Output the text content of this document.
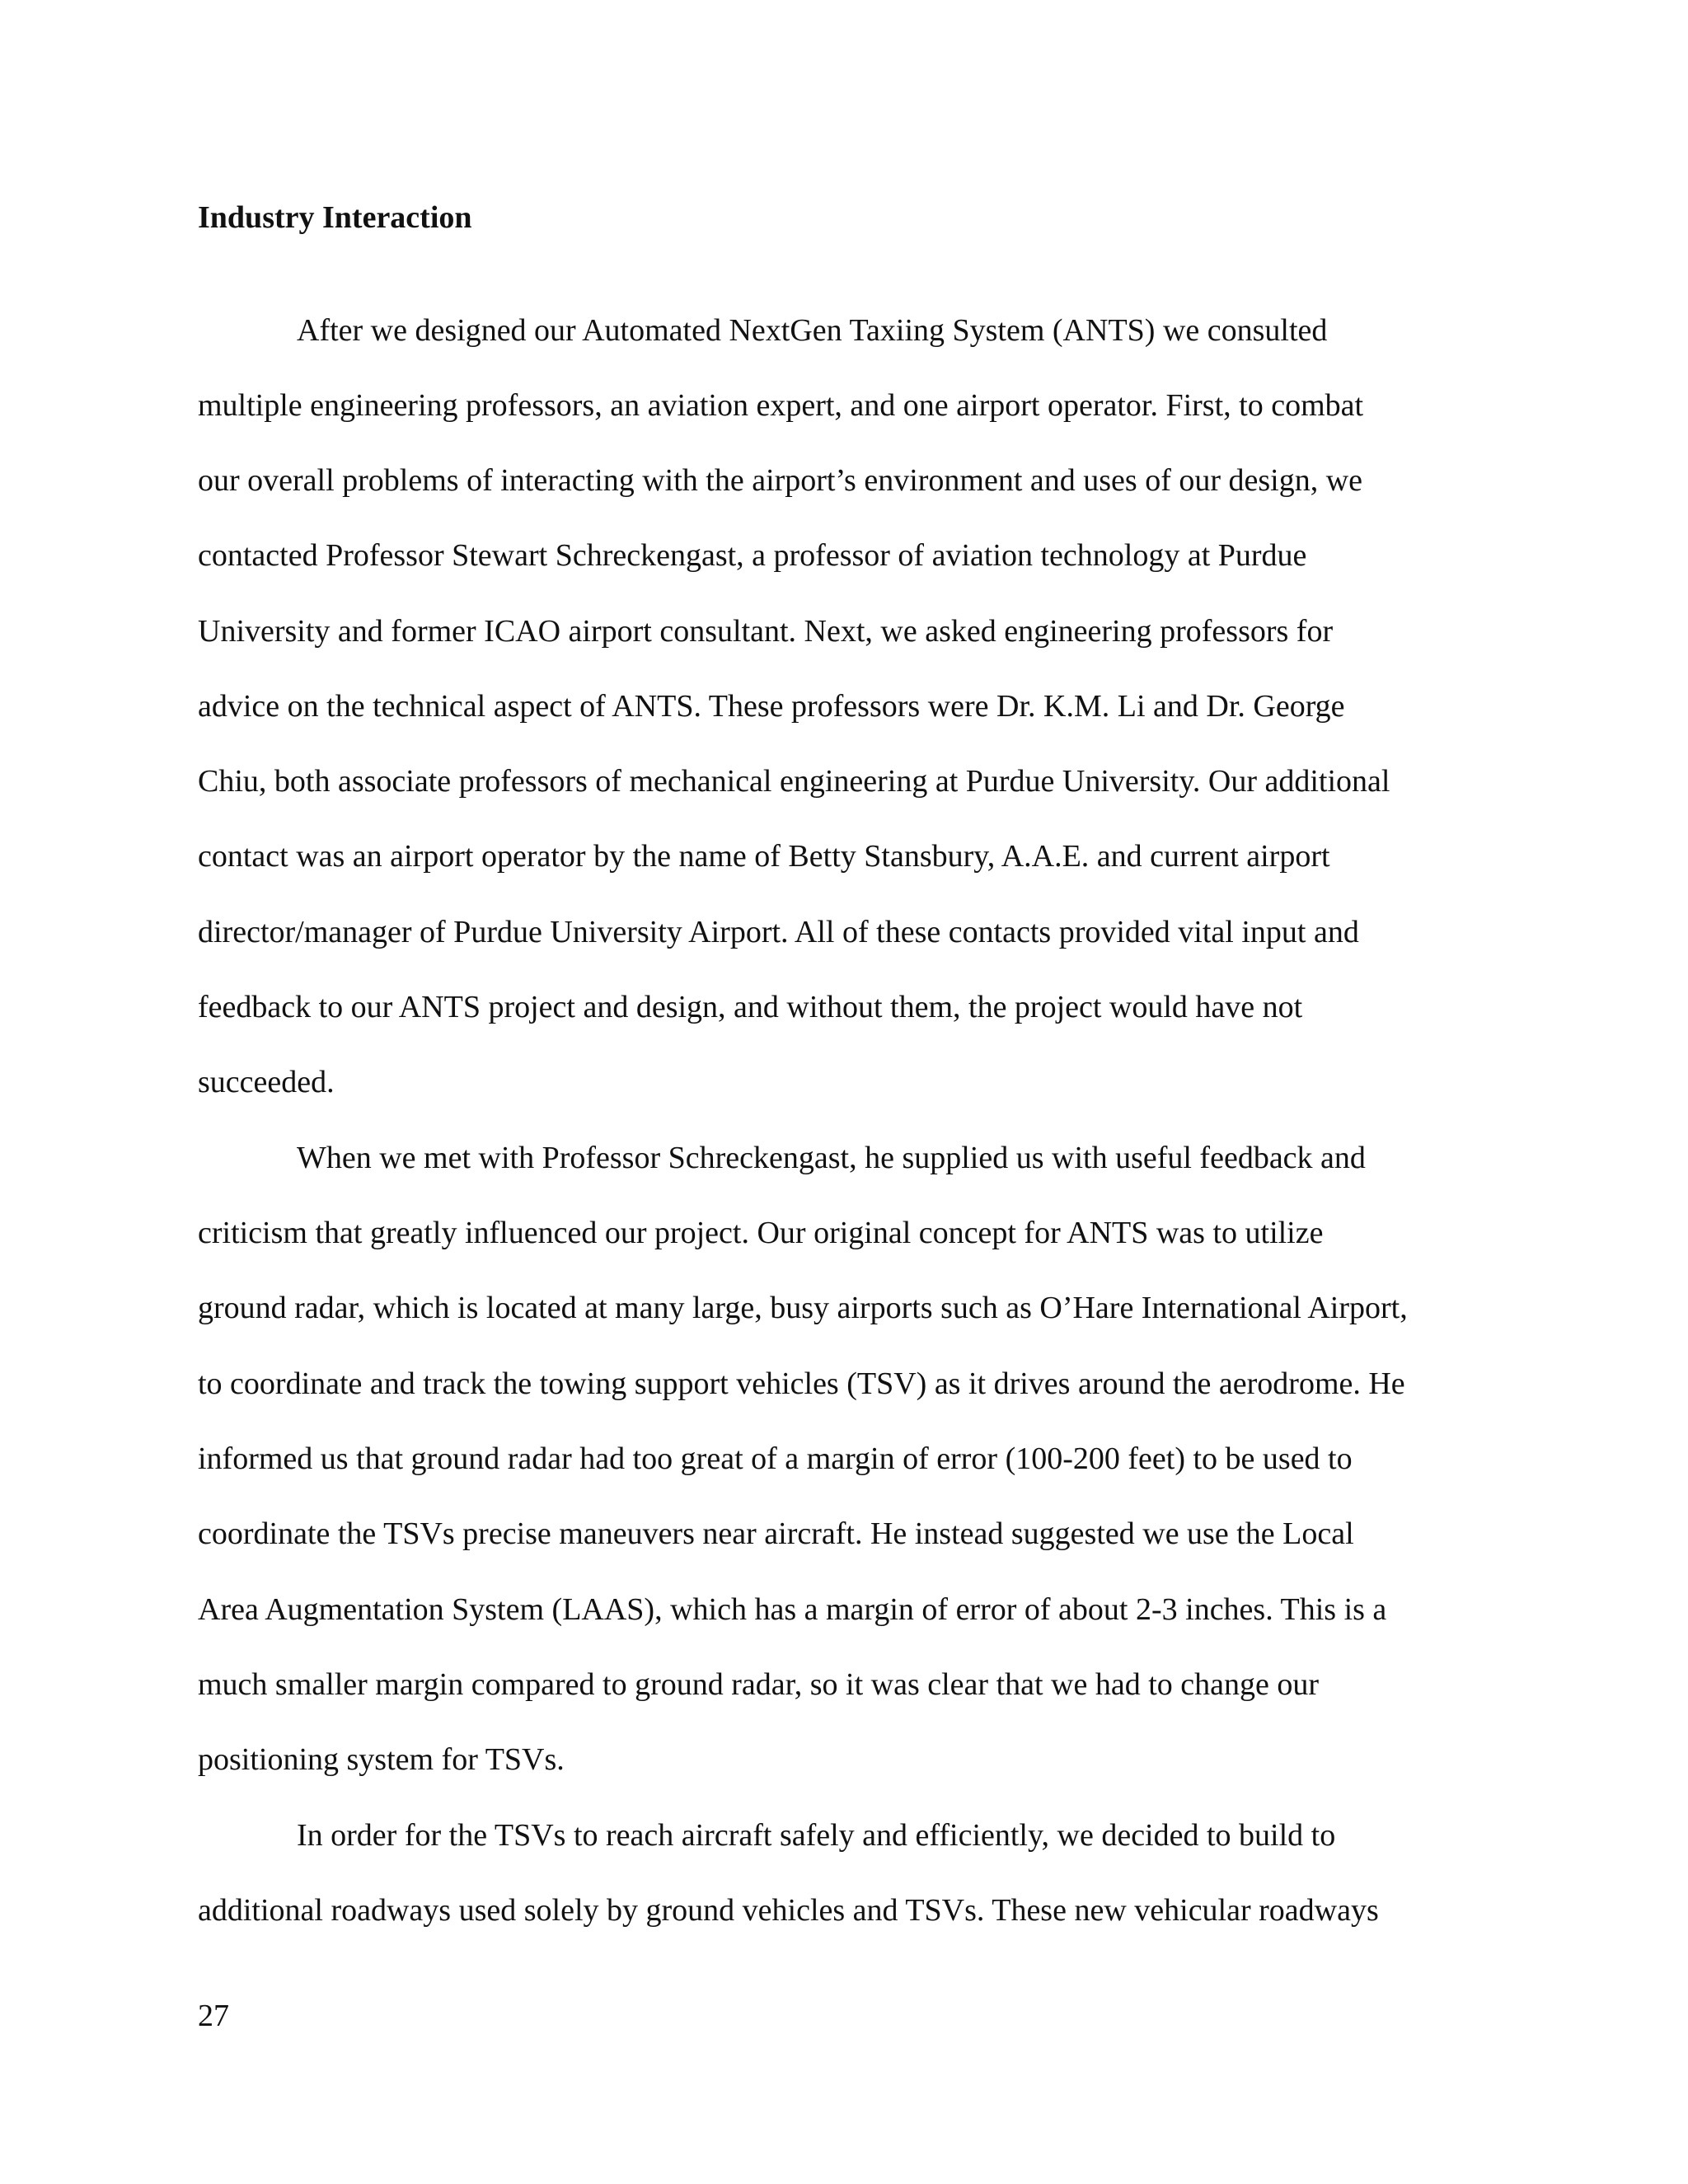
Industry Interaction

After we designed our Automated NextGen Taxiing System (ANTS) we consulted

multiple engineering professors, an aviation expert, and one airport operator. First, to combat

our overall problems of interacting with the airport’s environment and uses of our design, we

contacted Professor Stewart Schreckengast, a professor of aviation technology at Purdue

University and former ICAO airport consultant. Next, we asked engineering professors for

advice on the technical aspect of ANTS. These professors were Dr. K.M. Li and Dr. George

Chiu, both associate professors of mechanical engineering at Purdue University. Our additional

contact was an airport operator by the name of Betty Stansbury, A.A.E. and current airport

director/manager of Purdue University Airport. All of these contacts provided vital input and

feedback to our ANTS project and design, and without them, the project would have not

succeeded.

When we met with Professor Schreckengast, he supplied us with useful feedback and

criticism that greatly influenced our project. Our original concept for ANTS was to utilize

ground radar, which is located at many large, busy airports such as O’Hare International Airport,

to coordinate and track the towing support vehicles (TSV) as it drives around the aerodrome. He

informed us that ground radar had too great of a margin of error (100-200 feet) to be used to

coordinate the TSVs precise maneuvers near aircraft. He instead suggested we use the Local

Area Augmentation System (LAAS), which has a margin of error of about 2-3 inches. This is a

much smaller margin compared to ground radar, so it was clear that we had to change our

positioning system for TSVs.

In order for the TSVs to reach aircraft safely and efficiently, we decided to build to

additional roadways used solely by ground vehicles and TSVs. These new vehicular roadways

27
